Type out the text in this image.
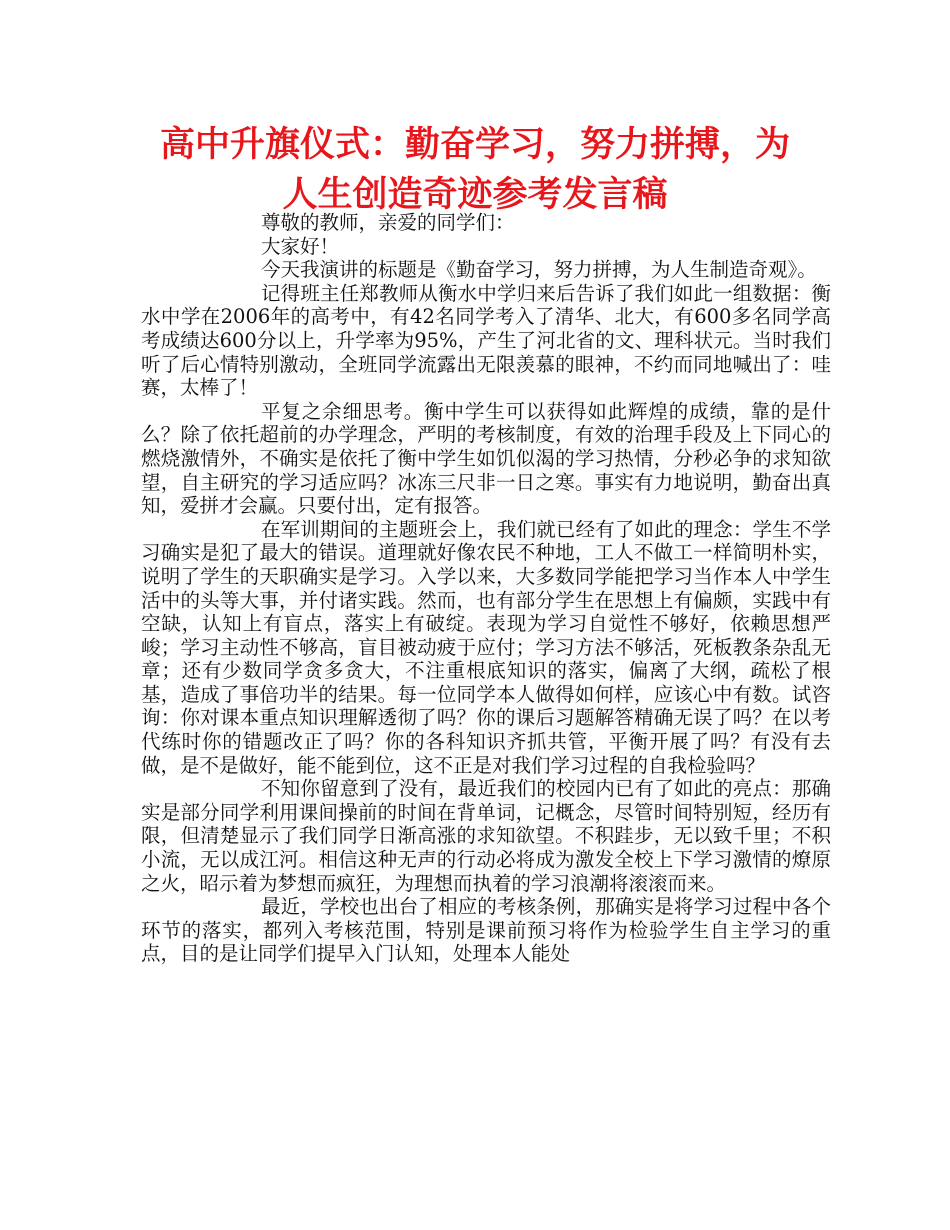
高中升旗仪式：勤奋学习，努力拼搏，为
人生创造奇迹参考发言稿

尊敬的教师，亲爱的同学们：

大家好！

今天我演讲的标题是《勤奋学习，努力拼搏，为人生制造奇观》。

记得班主任郑教师从衡水中学归来后告诉了我们如此一组数据：衡水中学在2006年的高考中，有42名同学考入了清华、北大，有600多名同学高考成绩达600分以上，升学率为95%，产生了河北省的文、理科状元。当时我们听了后心情特别激动，全班同学流露出无限羡慕的眼神，不约而同地喊出了：哇赛，太棒了！

平复之余细思考。衡中学生可以获得如此辉煌的成绩，靠的是什么？除了依托超前的办学理念，严明的考核制度，有效的治理手段及上下同心的燃烧激情外，不确实是依托了衡中学生如饥似渴的学习热情，分秒必争的求知欲望，自主研究的学习适应吗？冰冻三尺非一日之寒。事实有力地说明，勤奋出真知，爱拼才会赢。只要付出，定有报答。

在军训期间的主题班会上，我们就已经有了如此的理念：学生不学习确实是犯了最大的错误。道理就好像农民不种地，工人不做工一样简明朴实，说明了学生的天职确实是学习。入学以来，大多数同学能把学习当作本人中学生活中的头等大事，并付诸实践。然而，也有部分学生在思想上有偏颇，实践中有空缺，认知上有盲点，落实上有破绽。表现为学习自觉性不够好，依赖思想严峻；学习主动性不够高，盲目被动疲于应付；学习方法不够活，死板教条杂乱无章；还有少数同学贪多贪大，不注重根底知识的落实，偏离了大纲，疏松了根基，造成了事倍功半的结果。每一位同学本人做得如何样，应该心中有数。试咨询：你对课本重点知识理解透彻了吗？你的课后习题解答精确无误了吗？在以考代练时你的错题改正了吗？你的各科知识齐抓共管，平衡开展了吗？有没有去做，是不是做好，能不能到位，这不正是对我们学习过程的自我检验吗？

不知你留意到了没有，最近我们的校园内已有了如此的亮点：那确实是部分同学利用课间操前的时间在背单词，记概念，尽管时间特别短，经历有限，但清楚显示了我们同学日渐高涨的求知欲望。不积跬步，无以致千里；不积小流，无以成江河。相信这种无声的行动必将成为激发全校上下学习激情的燎原之火，昭示着为梦想而疯狂，为理想而执着的学习浪潮将滚滚而来。

最近，学校也出台了相应的考核条例，那确实是将学习过程中各个环节的落实，都列入考核范围，特别是课前预习将作为检验学生自主学习的重点，目的是让同学们提早入门认知，处理本人能处
